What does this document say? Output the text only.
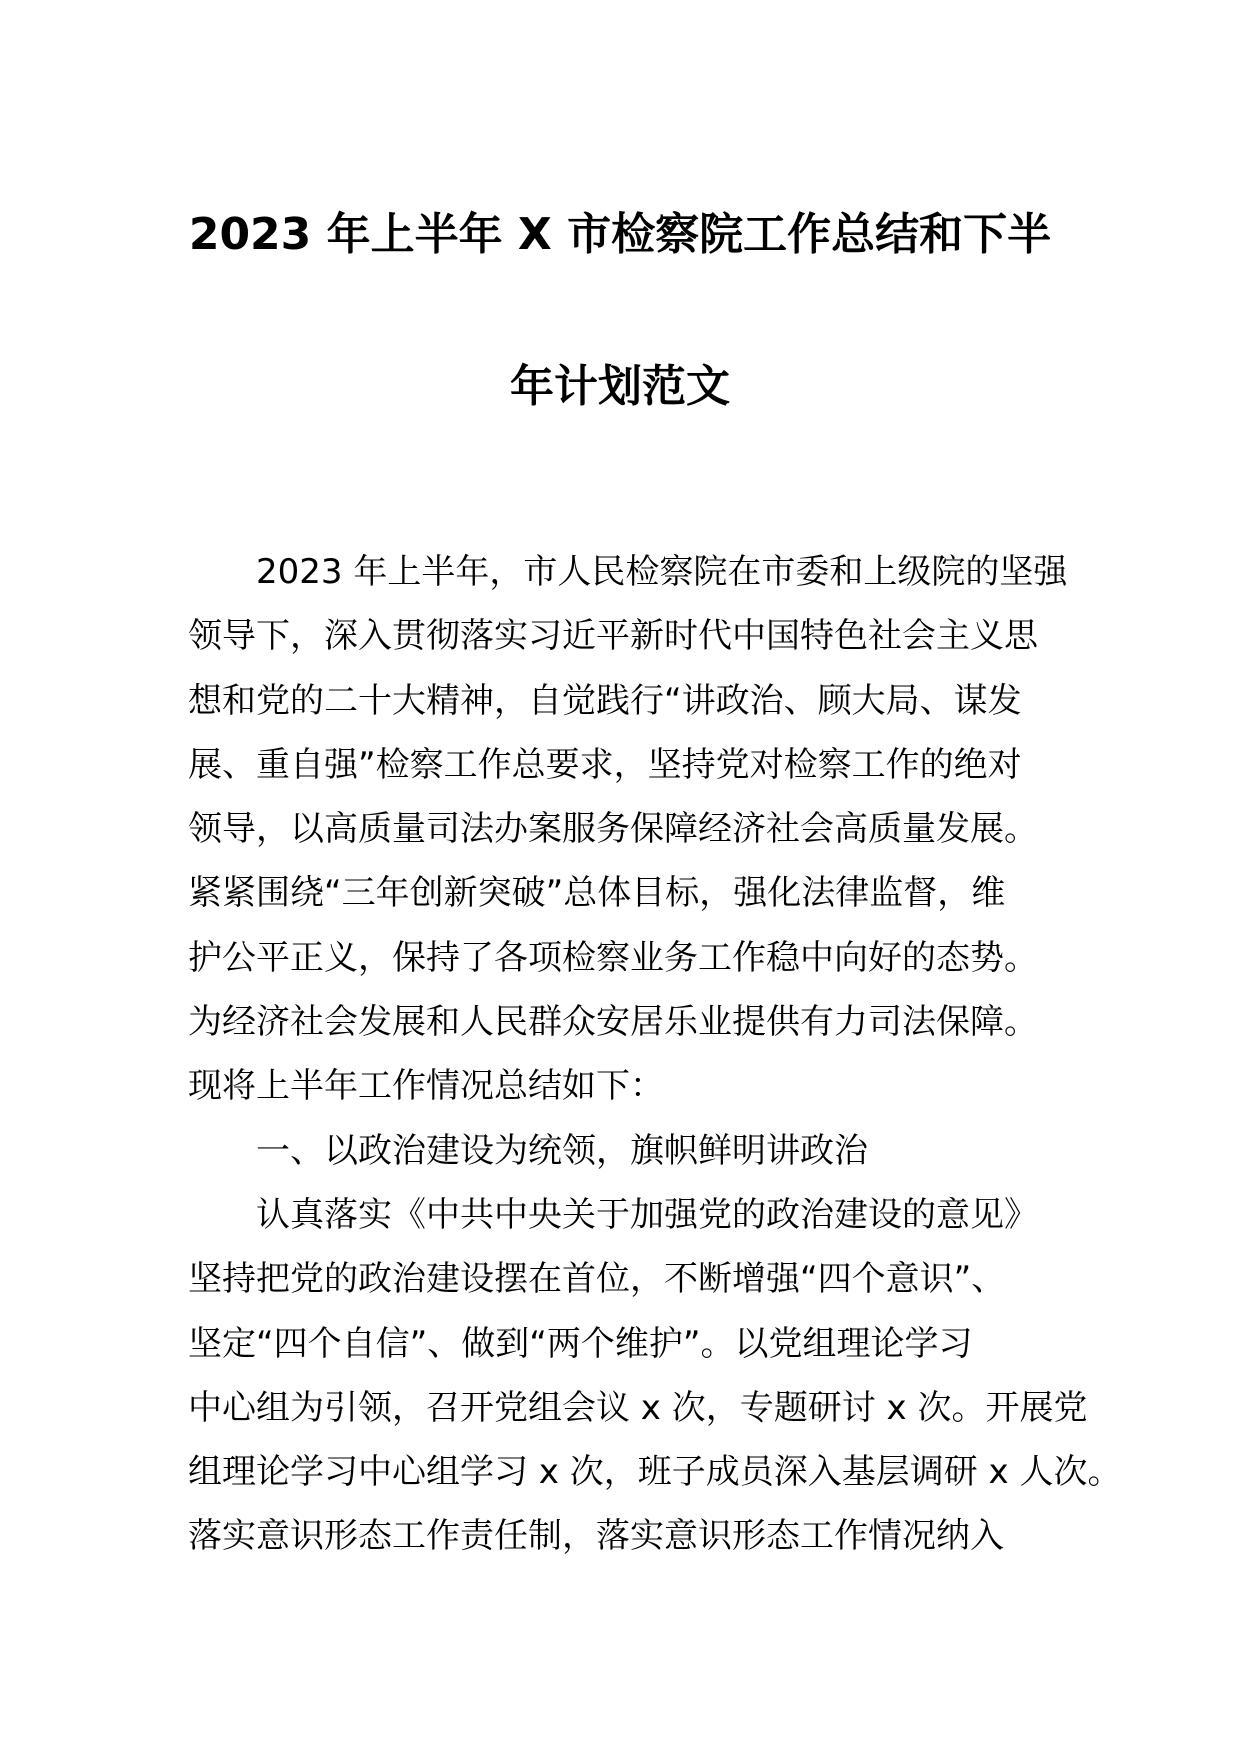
2023 年上半年 X 市检察院工作总结和下半
年计划范文
2023 年上半年，市人民检察院在市委和上级院的坚强
领导下，深入贯彻落实习近平新时代中国特色社会主义思
想和党的二十大精神，自觉践行“讲政治、顾大局、谋发
展、重自强”检察工作总要求，坚持党对检察工作的绝对
领导，以高质量司法办案服务保障经济社会高质量发展。
紧紧围绕“三年创新突破”总体目标，强化法律监督，维
护公平正义，保持了各项检察业务工作稳中向好的态势。
为经济社会发展和人民群众安居乐业提供有力司法保障。
现将上半年工作情况总结如下：
一、以政治建设为统领，旗帜鲜明讲政治
认真落实《中共中央关于加强党的政治建设的意见》
坚持把党的政治建设摆在首位，不断增强“四个意识”、
坚定“四个自信”、做到“两个维护”。以党组理论学习
中心组为引领，召开党组会议 x 次，专题研讨 x 次。开展党
组理论学习中心组学习 x 次，班子成员深入基层调研 x 人次。
落实意识形态工作责任制，落实意识形态工作情况纳入
